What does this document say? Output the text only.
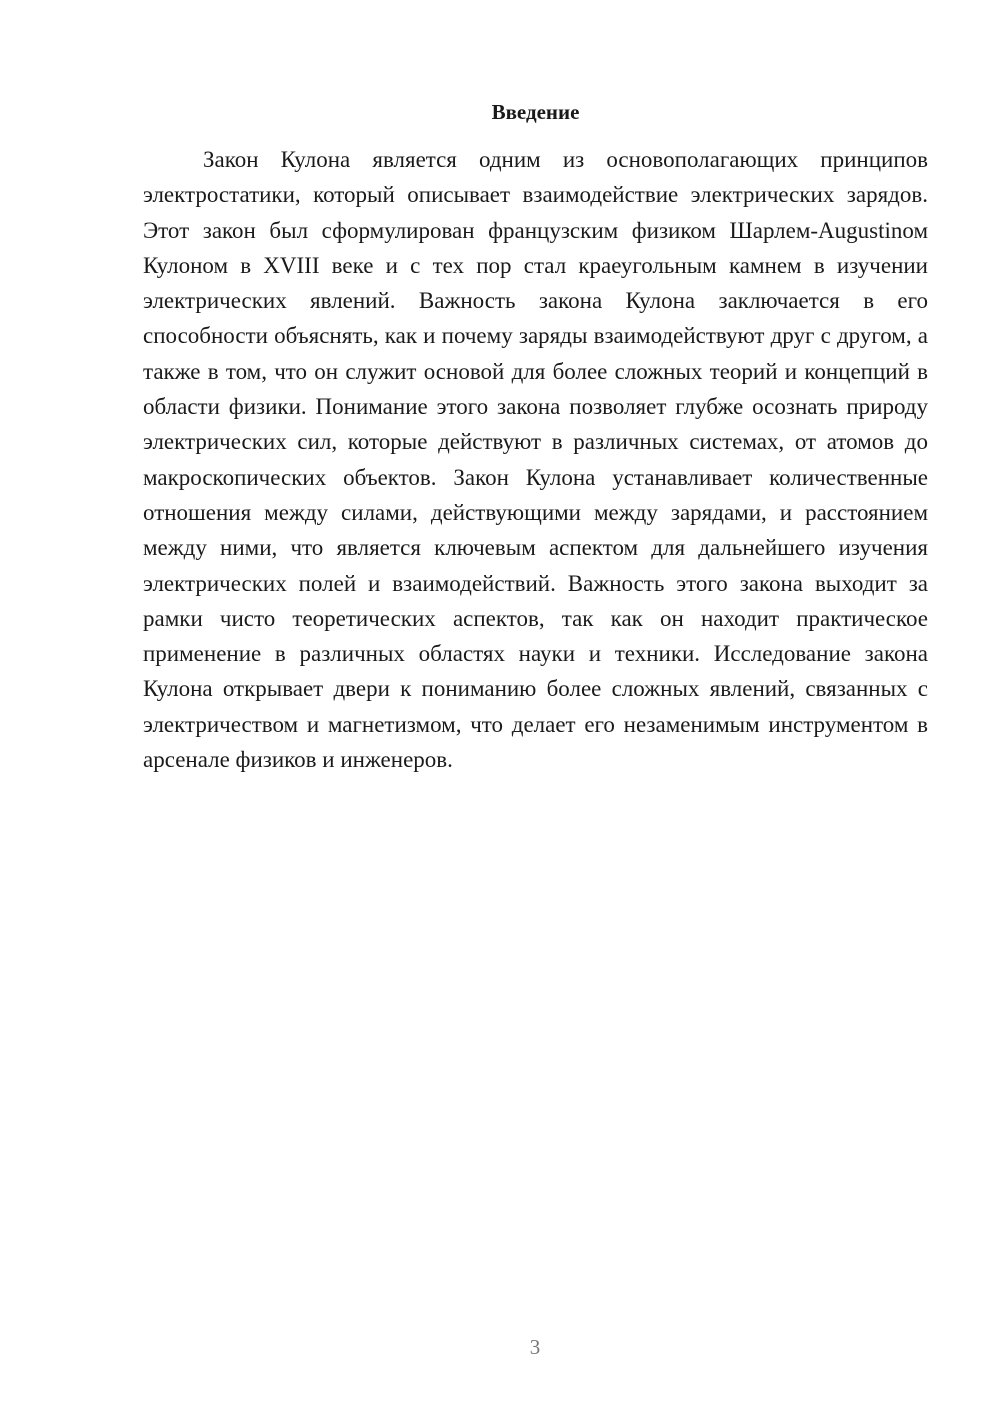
Введение

Закон Кулона является одним из основополагающих принципов электростатики, который описывает взаимодействие электрических зарядов. Этот закон был сформулирован французским физиком Шарлем-Augustinом Кулоном в XVIII веке и с тех пор стал краеугольным камнем в изучении электрических явлений. Важность закона Кулона заключается в его способности объяснять, как и почему заряды взаимодействуют друг с другом, а также в том, что он служит основой для более сложных теорий и концепций в области физики. Понимание этого закона позволяет глубже осознать природу электрических сил, которые действуют в различных системах, от атомов до макроскопических объектов. Закон Кулона устанавливает количественные отношения между силами, действующими между зарядами, и расстоянием между ними, что является ключевым аспектом для дальнейшего изучения электрических полей и взаимодействий. Важность этого закона выходит за рамки чисто теоретических аспектов, так как он находит практическое применение в различных областях науки и техники. Исследование закона Кулона открывает двери к пониманию более сложных явлений, связанных с электричеством и магнетизмом, что делает его незаменимым инструментом в арсенале физиков и инженеров.

3
